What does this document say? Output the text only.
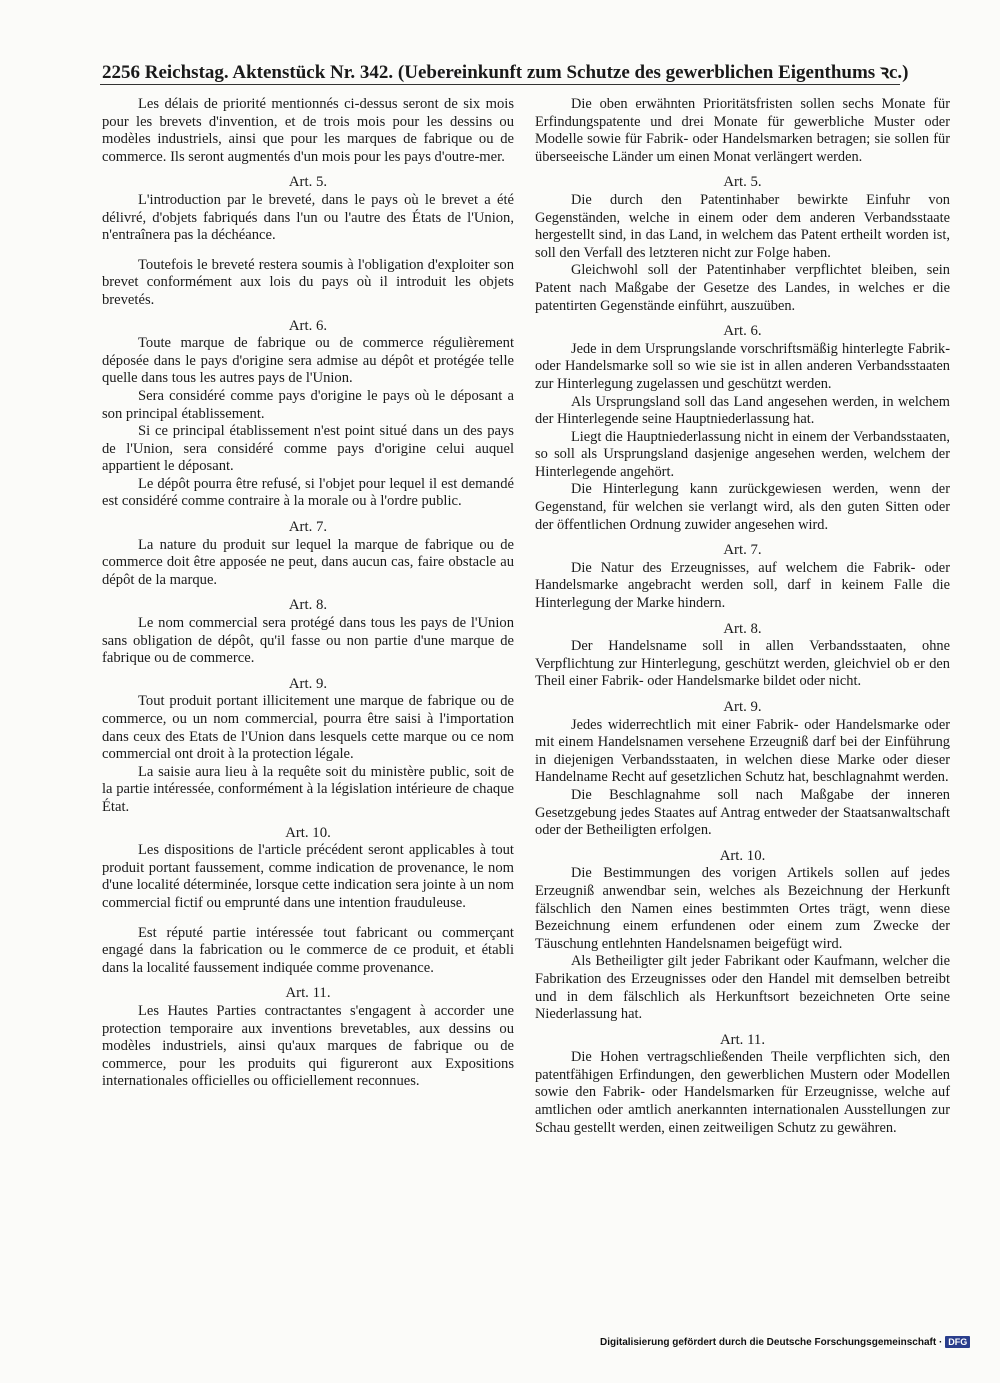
2256 Reichstag. Aktenstück Nr. 342. (Uebereinkunft zum Schutze des gewerblichen Eigenthums ꝛc.)

Les délais de priorité mentionnés ci-dessus seront de six mois pour les brevets d'invention, et de trois mois pour les dessins ou modèles industriels, ainsi que pour les marques de fabrique ou de commerce. Ils seront augmentés d'un mois pour les pays d'outre-mer.

Art. 5.

L'introduction par le breveté, dans le pays où le brevet a été délivré, d'objets fabriqués dans l'un ou l'autre des États de l'Union, n'entraînera pas la déchéance.

Toutefois le breveté restera soumis à l'obligation d'exploiter son brevet conformément aux lois du pays où il introduit les objets brevetés.

Art. 6.

Toute marque de fabrique ou de commerce régulièrement déposée dans le pays d'origine sera admise au dépôt et protégée telle quelle dans tous les autres pays de l'Union.

Sera considéré comme pays d'origine le pays où le déposant a son principal établissement.

Si ce principal établissement n'est point situé dans un des pays de l'Union, sera considéré comme pays d'origine celui auquel appartient le déposant.

Le dépôt pourra être refusé, si l'objet pour lequel il est demandé est considéré comme contraire à la morale ou à l'ordre public.

Art. 7.

La nature du produit sur lequel la marque de fabrique ou de commerce doit être apposée ne peut, dans aucun cas, faire obstacle au dépôt de la marque.

Art. 8.

Le nom commercial sera protégé dans tous les pays de l'Union sans obligation de dépôt, qu'il fasse ou non partie d'une marque de fabrique ou de commerce.

Art. 9.

Tout produit portant illicitement une marque de fabrique ou de commerce, ou un nom commercial, pourra être saisi à l'importation dans ceux des Etats de l'Union dans lesquels cette marque ou ce nom commercial ont droit à la protection légale.

La saisie aura lieu à la requête soit du ministère public, soit de la partie intéressée, conformément à la législation intérieure de chaque État.

Art. 10.

Les dispositions de l'article précédent seront applicables à tout produit portant faussement, comme indication de provenance, le nom d'une localité déterminée, lorsque cette indication sera jointe à un nom commercial fictif ou emprunté dans une intention frauduleuse.

Est réputé partie intéressée tout fabricant ou commerçant engagé dans la fabrication ou le commerce de ce produit, et établi dans la localité faussement indiquée comme provenance.

Art. 11.

Les Hautes Parties contractantes s'engagent à accorder une protection temporaire aux inventions brevetables, aux dessins ou modèles industriels, ainsi qu'aux marques de fabrique ou de commerce, pour les produits qui figureront aux Expositions internationales officielles ou officiellement reconnues.

Die oben erwähnten Prioritätsfristen sollen sechs Monate für Erfindungspatente und drei Monate für gewerbliche Muster oder Modelle sowie für Fabrik- oder Handelsmarken betragen; sie sollen für überseeische Länder um einen Monat verlängert werden.

Art. 5.

Die durch den Patentinhaber bewirkte Einfuhr von Gegenständen, welche in einem oder dem anderen Verbandsstaate hergestellt sind, in das Land, in welchem das Patent ertheilt worden ist, soll den Verfall des letzteren nicht zur Folge haben.

Gleichwohl soll der Patentinhaber verpflichtet bleiben, sein Patent nach Maßgabe der Gesetze des Landes, in welches er die patentirten Gegenstände einführt, auszuüben.

Art. 6.

Jede in dem Ursprungslande vorschriftsmäßig hinterlegte Fabrik- oder Handelsmarke soll so wie sie ist in allen anderen Verbandsstaaten zur Hinterlegung zugelassen und geschützt werden.

Als Ursprungsland soll das Land angesehen werden, in welchem der Hinterlegende seine Hauptniederlassung hat.

Liegt die Hauptniederlassung nicht in einem der Verbandsstaaten, so soll als Ursprungsland dasjenige angesehen werden, welchem der Hinterlegende angehört.

Die Hinterlegung kann zurückgewiesen werden, wenn der Gegenstand, für welchen sie verlangt wird, als den guten Sitten oder der öffentlichen Ordnung zuwider angesehen wird.

Art. 7.

Die Natur des Erzeugnisses, auf welchem die Fabrik- oder Handelsmarke angebracht werden soll, darf in keinem Falle die Hinterlegung der Marke hindern.

Art. 8.

Der Handelsname soll in allen Verbandsstaaten, ohne Verpflichtung zur Hinterlegung, geschützt werden, gleichviel ob er den Theil einer Fabrik- oder Handelsmarke bildet oder nicht.

Art. 9.

Jedes widerrechtlich mit einer Fabrik- oder Handelsmarke oder mit einem Handelsnamen versehene Erzeugniß darf bei der Einführung in diejenigen Verbandsstaaten, in welchen diese Marke oder dieser Handelname Recht auf gesetzlichen Schutz hat, beschlagnahmt werden.

Die Beschlagnahme soll nach Maßgabe der inneren Gesetzgebung jedes Staates auf Antrag entweder der Staatsanwaltschaft oder der Betheiligten erfolgen.

Art. 10.

Die Bestimmungen des vorigen Artikels sollen auf jedes Erzeugniß anwendbar sein, welches als Bezeichnung der Herkunft fälschlich den Namen eines bestimmten Ortes trägt, wenn diese Bezeichnung einem erfundenen oder einem zum Zwecke der Täuschung entlehnten Handelsnamen beigefügt wird.

Als Betheiligter gilt jeder Fabrikant oder Kaufmann, welcher die Fabrikation des Erzeugnisses oder den Handel mit demselben betreibt und in dem fälschlich als Herkunftsort bezeichneten Orte seine Niederlassung hat.

Art. 11.

Die Hohen vertragschließenden Theile verpflichten sich, den patentfähigen Erfindungen, den gewerblichen Mustern oder Modellen sowie den Fabrik- oder Handelsmarken für Erzeugnisse, welche auf amtlichen oder amtlich anerkannten internationalen Ausstellungen zur Schau gestellt werden, einen zeitweiligen Schutz zu gewähren.

Digitalisierung gefördert durch die Deutsche Forschungsgemeinschaft · DFG
